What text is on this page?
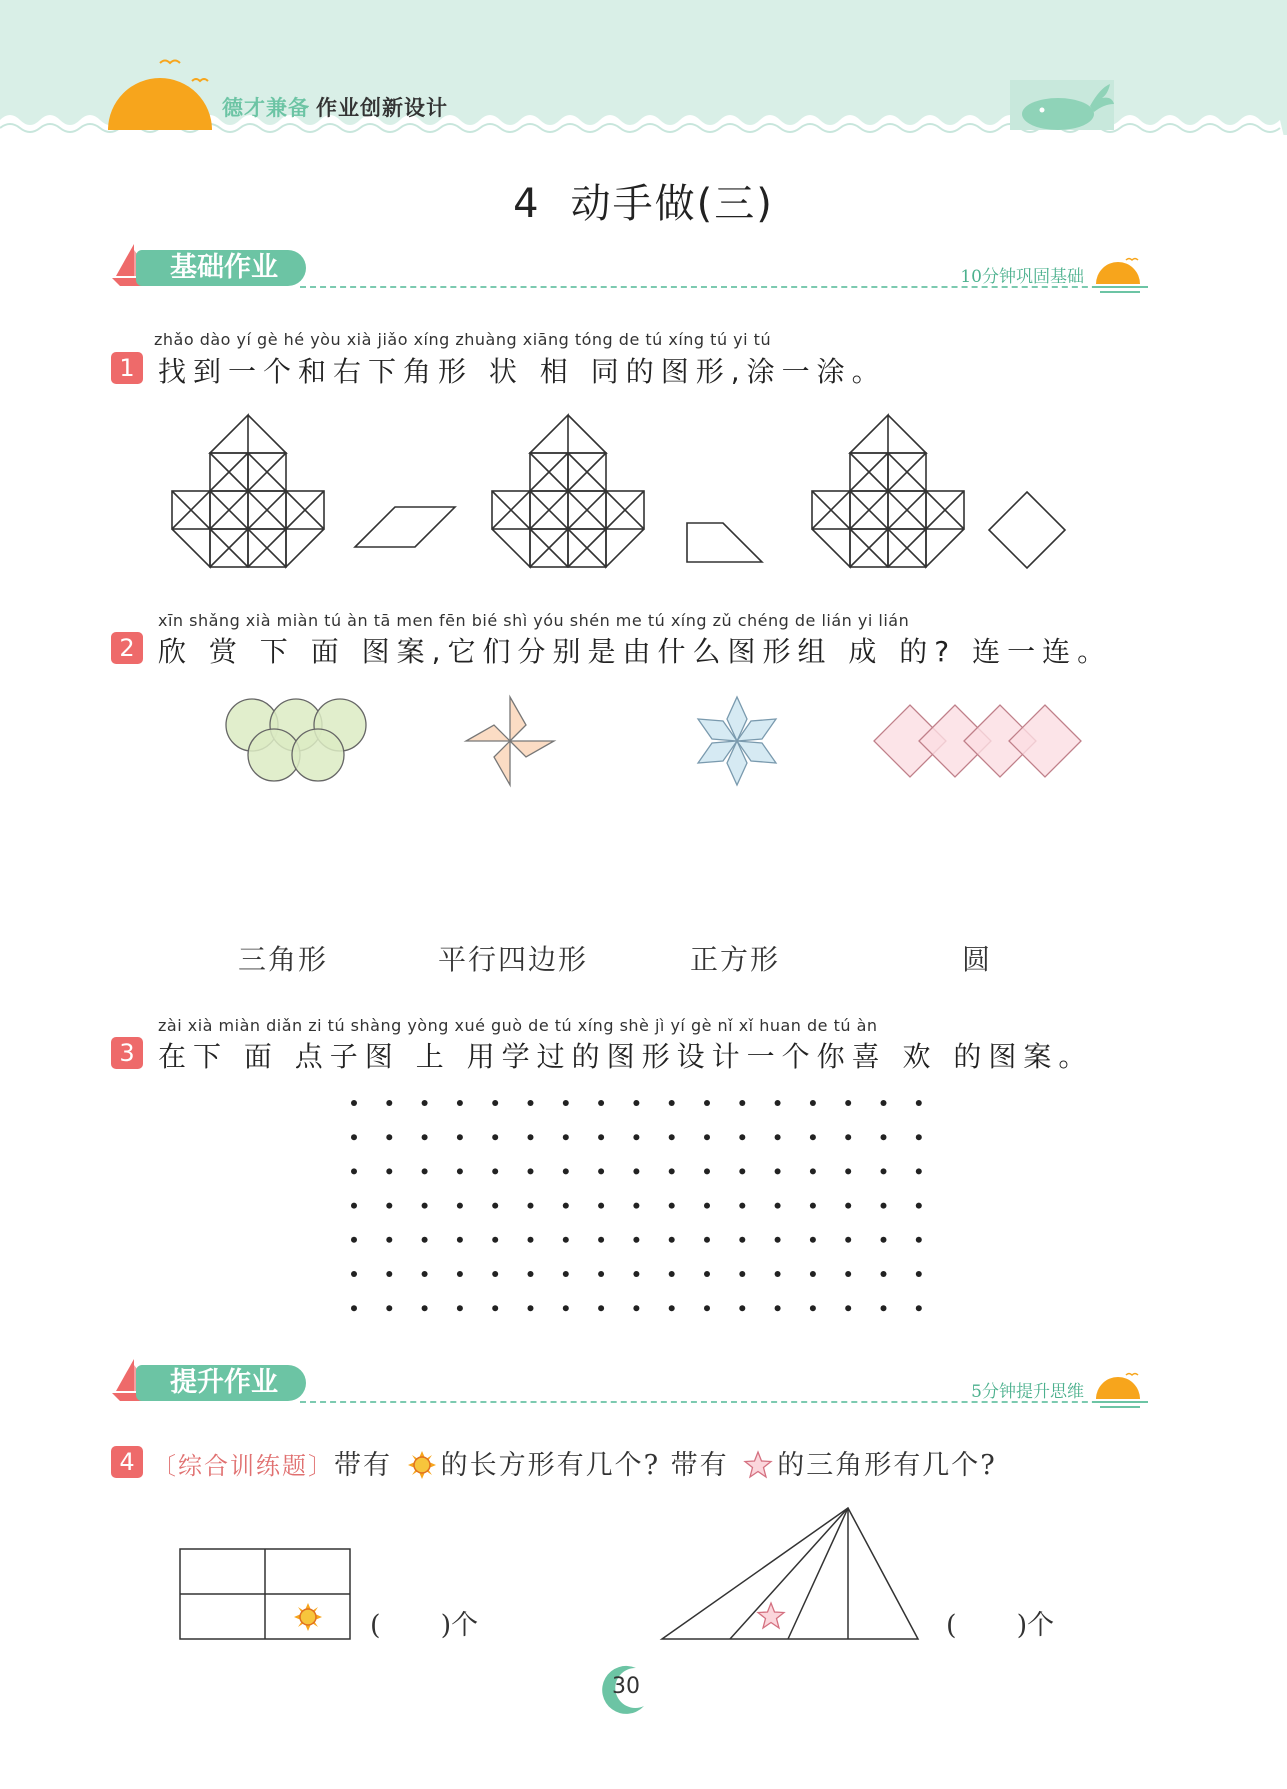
德才兼备 作业创新设计
4 动手做(三)
基础作业	10分钟巩固基础
zhǎo dào yí gè hé yòu xià jiǎo xíng zhuàng xiāng tóng de tú xíng tú yi tú
1 找到一个和右下角形 状 相 同的图形,涂一涂。
xīn shǎng xià miàn tú àn tā men fēn bié shì yóu shén me tú xíng zǔ chéng de lián yi lián
2 欣 赏 下 面 图案,它们分别是由什么图形组 成 的? 连一连。
三角形	平行四边形	正方形	圆
zài xià miàn diǎn zi tú shàng yòng xué guò de tú xíng shè jì yí gè nǐ xǐ huan de tú àn
3 在下 面 点子图 上 用学过的图形设计一个你喜 欢 的图案。
提升作业	5分钟提升思维
4 〔综合训练题〕带有 的长方形有几个? 带有 的三角形有几个?
( )个	( )个
30
